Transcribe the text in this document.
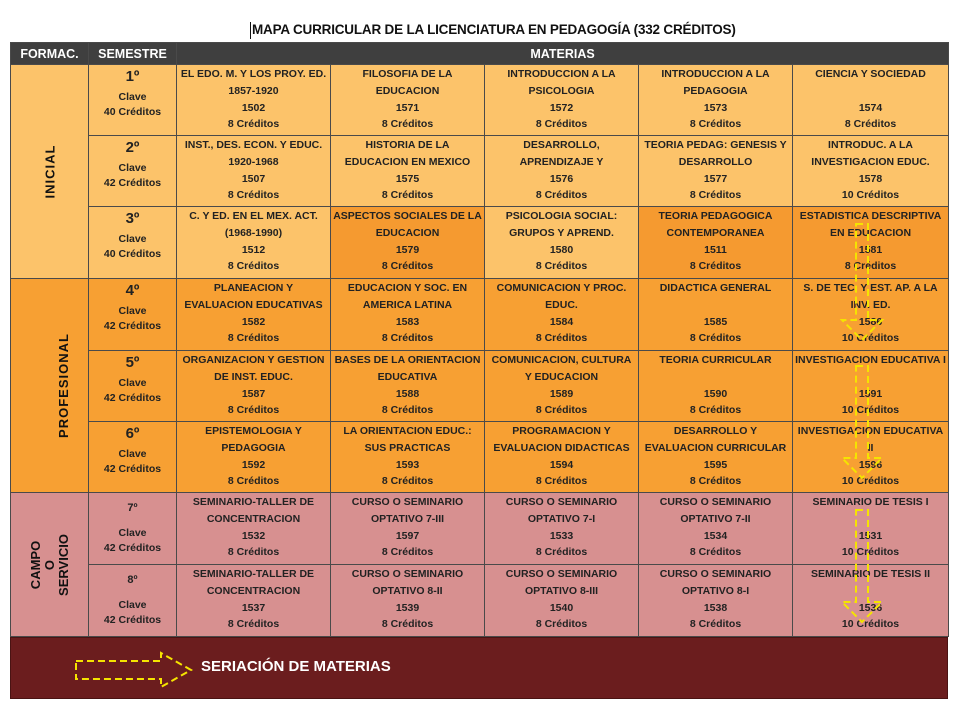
MAPA CURRICULAR DE LA LICENCIATURA EN PEDAGOGÍA (332 CRÉDITOS)
FORMAC.	SEMESTRE	MATERIAS				
INICIAL	1º
Clave
40 Créditos	EL EDO. M. Y LOS PROY. ED. 1857-1920
1502
8 Créditos	FILOSOFIA DE LA EDUCACION
1571
8 Créditos	INTRODUCCION A LA PSICOLOGIA
1572
8 Créditos	INTRODUCCION A LA PEDAGOGIA
1573
8 Créditos	CIENCIA Y SOCIEDAD
1574
8 Créditos

	2º
Clave
42 Créditos	INST., DES. ECON. Y EDUC. 1920-1968
1507
8 Créditos	HISTORIA DE LA EDUCACION EN MEXICO
1575
8 Créditos	DESARROLLO, APRENDIZAJE Y
1576
8 Créditos	TEORIA PEDAG: GENESIS Y DESARROLLO
1577
8 Créditos	INTRODUC. A LA INVESTIGACION EDUC.
1578
10 Créditos

	3º
Clave
40 Créditos	C. Y ED. EN EL MEX. ACT. (1968-1990)
1512
8 Créditos	ASPECTOS SOCIALES DE LA EDUCACION
1579
8 Créditos	PSICOLOGIA SOCIAL: GRUPOS Y APREND.
1580
8 Créditos	TEORIA PEDAGOGICA CONTEMPORANEA
1511
8 Créditos	ESTADISTICA DESCRIPTIVA EN EDUCACION
1581
8 Créditos

PROFESIONAL	4º
Clave
42 Créditos	PLANEACION Y EVALUACION EDUCATIVAS
1582
8 Créditos	EDUCACION Y SOC. EN AMERICA LATINA
1583
8 Créditos	COMUNICACION Y PROC. EDUC.
1584
8 Créditos	DIDACTICA GENERAL
1585
8 Créditos	S. DE TEC. Y EST. AP. A LA INV. ED.
1586
10 Créditos

	5º
Clave
42 Créditos	ORGANIZACION Y GESTION DE INST. EDUC.
1587
8 Créditos	BASES DE LA ORIENTACION EDUCATIVA
1588
8 Créditos	COMUNICACION, CULTURA Y EDUCACION
1589
8 Créditos	TEORIA CURRICULAR
1590
8 Créditos	INVESTIGACION EDUCATIVA I
1591
10 Créditos

	6º
Clave
42 Créditos	EPISTEMOLOGIA Y PEDAGOGIA
1592
8 Créditos	LA ORIENTACION EDUC.: SUS PRACTICAS
1593
8 Créditos	PROGRAMACION Y EVALUACION DIDACTICAS
1594
8 Créditos	DESARROLLO Y EVALUACION CURRICULAR
1595
8 Créditos	INVESTIGACION EDUCATIVA II
1596
10 Créditos

CAMPO O SERVICIO	7º
Clave
42 Créditos	SEMINARIO-TALLER DE CONCENTRACION
1532
8 Créditos	CURSO O SEMINARIO OPTATIVO 7-III
1597
8 Créditos	CURSO O SEMINARIO OPTATIVO 7-I
1533
8 Créditos	CURSO O SEMINARIO OPTATIVO 7-II
1534
8 Créditos	SEMINARIO DE TESIS I
1531
10 Créditos

	8º
Clave
42 Créditos	SEMINARIO-TALLER DE CONCENTRACION
1537
8 Créditos	CURSO O SEMINARIO OPTATIVO 8-II
1539
8 Créditos	CURSO O SEMINARIO OPTATIVO 8-III
1540
8 Créditos	CURSO O SEMINARIO OPTATIVO 8-I
1538
8 Créditos	SEMINARIO DE TESIS II
1536
10 Créditos
SERIACIÓN DE MATERIAS
